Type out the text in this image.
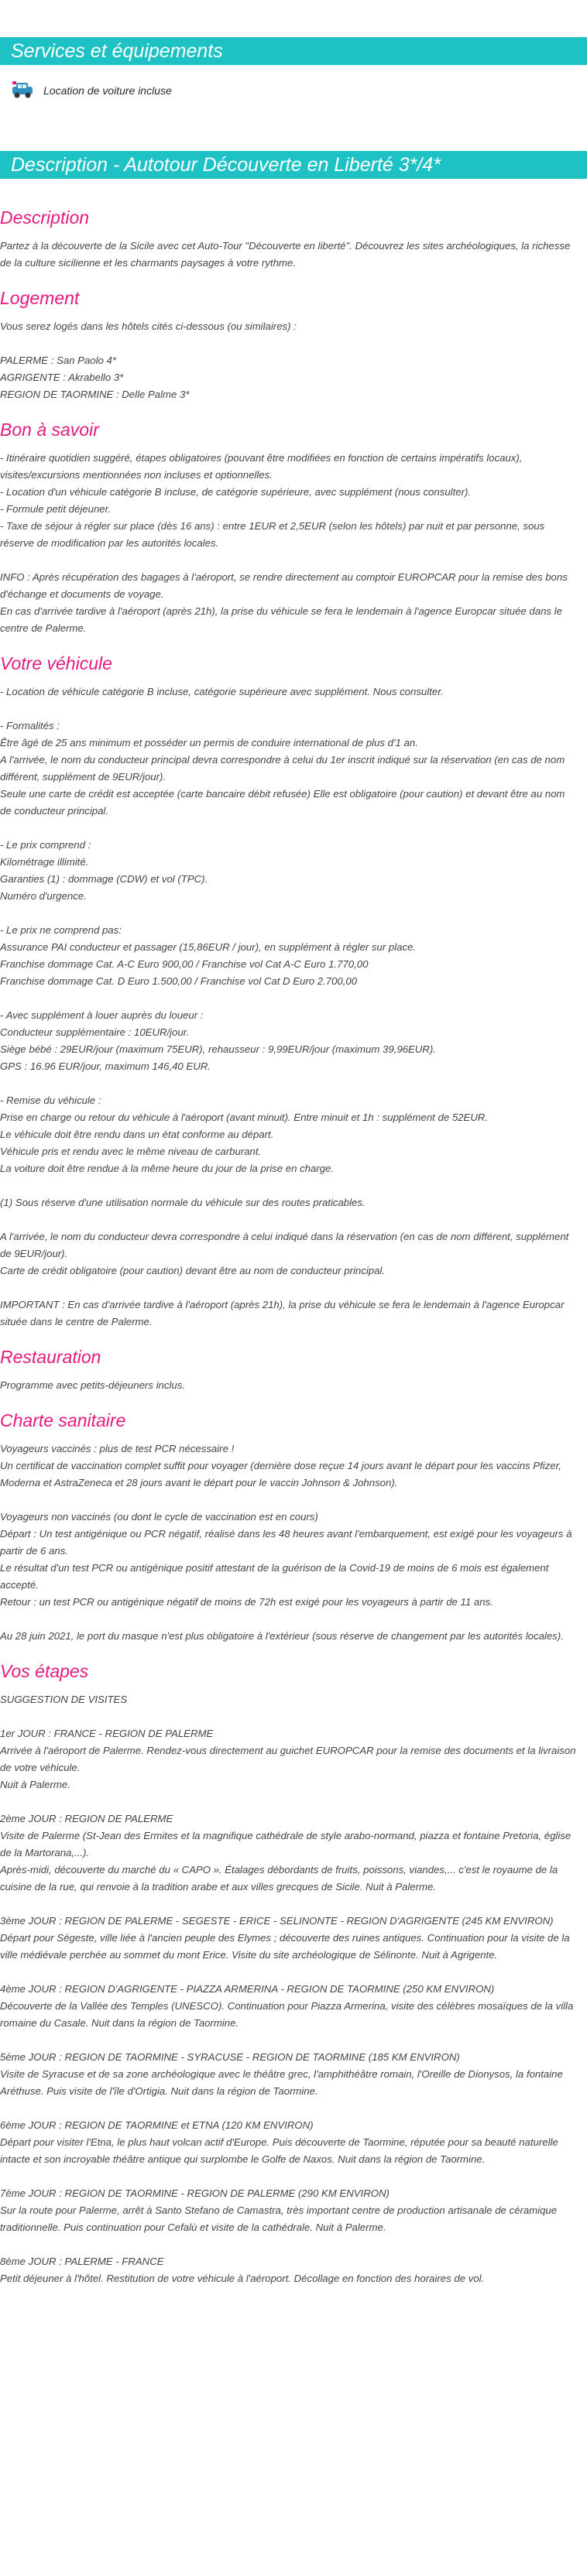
Services et équipements
Location de voiture incluse
Description - Autotour Découverte en Liberté 3*/4*
Description
Partez à la découverte de la Sicile avec cet Auto-Tour "Découverte en liberté". Découvrez les sites archéologiques, la richesse de la culture sicilienne et les charmants paysages à votre rythme.
Logement
Vous serez logés dans les hôtels cités ci-dessous (ou similaires) :

PALERME : San Paolo 4*
AGRIGENTE : Akrabello 3*
REGION DE TAORMINE : Delle Palme 3*
Bon à savoir
- Itinéraire quotidien suggéré, étapes obligatoires (pouvant être modifiées en fonction de certains impératifs locaux), visites/excursions mentionnées non incluses et optionnelles.
- Location d'un véhicule catégorie B incluse, de catégorie supérieure, avec supplément (nous consulter).
- Formule petit déjeuner.
- Taxe de séjour à régler sur place (dès 16 ans) : entre 1EUR et 2,5EUR (selon les hôtels) par nuit et par personne, sous réserve de modification par les autorités locales.

INFO : Après récupération des bagages à l'aéroport, se rendre directement au comptoir EUROPCAR pour la remise des bons d'échange et documents de voyage.
En cas d'arrivée tardive à l'aéroport (après 21h), la prise du véhicule se fera le lendemain à l'agence Europcar située dans le centre de Palerme.
Votre véhicule
- Location de véhicule catégorie B incluse, catégorie supérieure avec supplément. Nous consulter.

- Formalités :
Être âgé de 25 ans minimum et posséder un permis de conduire international de plus d'1 an.
A l'arrivée, le nom du conducteur principal devra correspondre à celui du 1er inscrit indiqué sur la réservation (en cas de nom différent, supplément de 9EUR/jour).
Seule une carte de crédit est acceptée (carte bancaire débit refusée) Elle est obligatoire (pour caution) et devant être au nom de conducteur principal.

- Le prix comprend :
Kilométrage illimité.
Garanties (1) : dommage (CDW) et vol (TPC).
Numéro d'urgence.

- Le prix ne comprend pas:
Assurance PAI conducteur et passager (15,86EUR / jour), en supplément à régler sur place.
Franchise dommage Cat. A-C Euro 900,00 / Franchise vol Cat A-C Euro 1.770,00
Franchise dommage Cat. D Euro 1.500,00 / Franchise vol Cat D Euro 2.700,00

- Avec supplément à louer auprès du loueur :
Conducteur supplémentaire : 10EUR/jour.
Siège bébé : 29EUR/jour (maximum 75EUR), rehausseur : 9,99EUR/jour (maximum 39,96EUR).
GPS : 16.96 EUR/jour, maximum 146,40 EUR.

- Remise du véhicule :
Prise en charge ou retour du véhicule à l'aéroport (avant minuit). Entre minuit et 1h : supplément de 52EUR.
Le véhicule doit être rendu dans un état conforme au départ.
Véhicule pris et rendu avec le même niveau de carburant.
La voiture doit être rendue à la même heure du jour de la prise en charge.

(1) Sous réserve d'une utilisation normale du véhicule sur des routes praticables.

A l'arrivée, le nom du conducteur devra correspondre à celui indiqué dans la réservation (en cas de nom différent, supplément de 9EUR/jour).
Carte de crédit obligatoire (pour caution) devant être au nom de conducteur principal.

IMPORTANT : En cas d'arrivée tardive à l'aéroport (après 21h), la prise du véhicule se fera le lendemain à l'agence Europcar située dans le centre de Palerme.
Restauration
Programme avec petits-déjeuners inclus.
Charte sanitaire
Voyageurs vaccinés : plus de test PCR nécessaire !
Un certificat de vaccination complet suffit pour voyager (dernière dose reçue 14 jours avant le départ pour les vaccins Pfizer, Moderna et AstraZeneca et 28 jours avant le départ pour le vaccin Johnson & Johnson).

Voyageurs non vaccinés (ou dont le cycle de vaccination est en cours)
Départ : Un test antigénique ou PCR négatif, réalisé dans les 48 heures avant l'embarquement, est exigé pour les voyageurs à partir de 6 ans.
Le résultat d'un test PCR ou antigénique positif attestant de la guérison de la Covid-19 de moins de 6 mois est également accepté.
Retour : un test PCR ou antigénique négatif de moins de 72h est exigé pour les voyageurs à partir de 11 ans.

Au 28 juin 2021, le port du masque n'est plus obligatoire à l'extérieur (sous réserve de changement par les autorités locales).
Vos étapes
SUGGESTION DE VISITES

1er JOUR : FRANCE - REGION DE PALERME
Arrivée à l'aéroport de Palerme. Rendez-vous directement au guichet EUROPCAR pour la remise des documents et la livraison de votre véhicule.
Nuit à Palerme.

2ème JOUR : REGION DE PALERME
Visite de Palerme (St-Jean des Ermites et la magnifique cathédrale de style arabo-normand, piazza et fontaine Pretoria, église de la Martorana,...).
Après-midi, découverte du marché du « CAPO ». Étalages débordants de fruits, poissons, viandes,... c'est le royaume de la cuisine de la rue, qui renvoie à la tradition arabe et aux villes grecques de Sicile. Nuit à Palerme.

3ème JOUR : REGION DE PALERME - SEGESTE - ERICE - SELINONTE - REGION D'AGRIGENTE (245 KM ENVIRON)
Départ pour Ségeste, ville liée à l'ancien peuple des Elymes ; découverte des ruines antiques. Continuation pour la visite de la ville médiévale perchée au sommet du mont Erice. Visite du site archéologique de Sélinonte. Nuit à Agrigente.

4ème JOUR : REGION D'AGRIGENTE - PIAZZA ARMERINA - REGION DE TAORMINE (250 KM ENVIRON)
Découverte de la Vallée des Temples (UNESCO). Continuation pour Piazza Armerina, visite des célèbres mosaïques de la villa romaine du Casale. Nuit dans la région de Taormine.

5ème JOUR : REGION DE TAORMINE - SYRACUSE - REGION DE TAORMINE (185 KM ENVIRON)
Visite de Syracuse et de sa zone archéologique avec le théâtre grec, l'amphithéâtre romain, l'Oreille de Dionysos, la fontaine Aréthuse. Puis visite de l'île d'Ortigia. Nuit dans la région de Taormine.

6ème JOUR : REGION DE TAORMINE et ETNA (120 KM ENVIRON)
Départ pour visiter l'Etna, le plus haut volcan actif d'Europe. Puis découverte de Taormine, réputée pour sa beauté naturelle intacte et son incroyable théâtre antique qui surplombe le Golfe de Naxos. Nuit dans la région de Taormine.

7ème JOUR : REGION DE TAORMINE - REGION DE PALERME (290 KM ENVIRON)
Sur la route pour Palerme, arrêt à Santo Stefano de Camastra, très important centre de production artisanale de céramique traditionnelle. Puis continuation pour Cefalù et visite de la cathédrale. Nuit à Palerme.

8ème JOUR : PALERME - FRANCE
Petit déjeuner à l'hôtel. Restitution de votre véhicule à l'aéroport. Décollage en fonction des horaires de vol.
